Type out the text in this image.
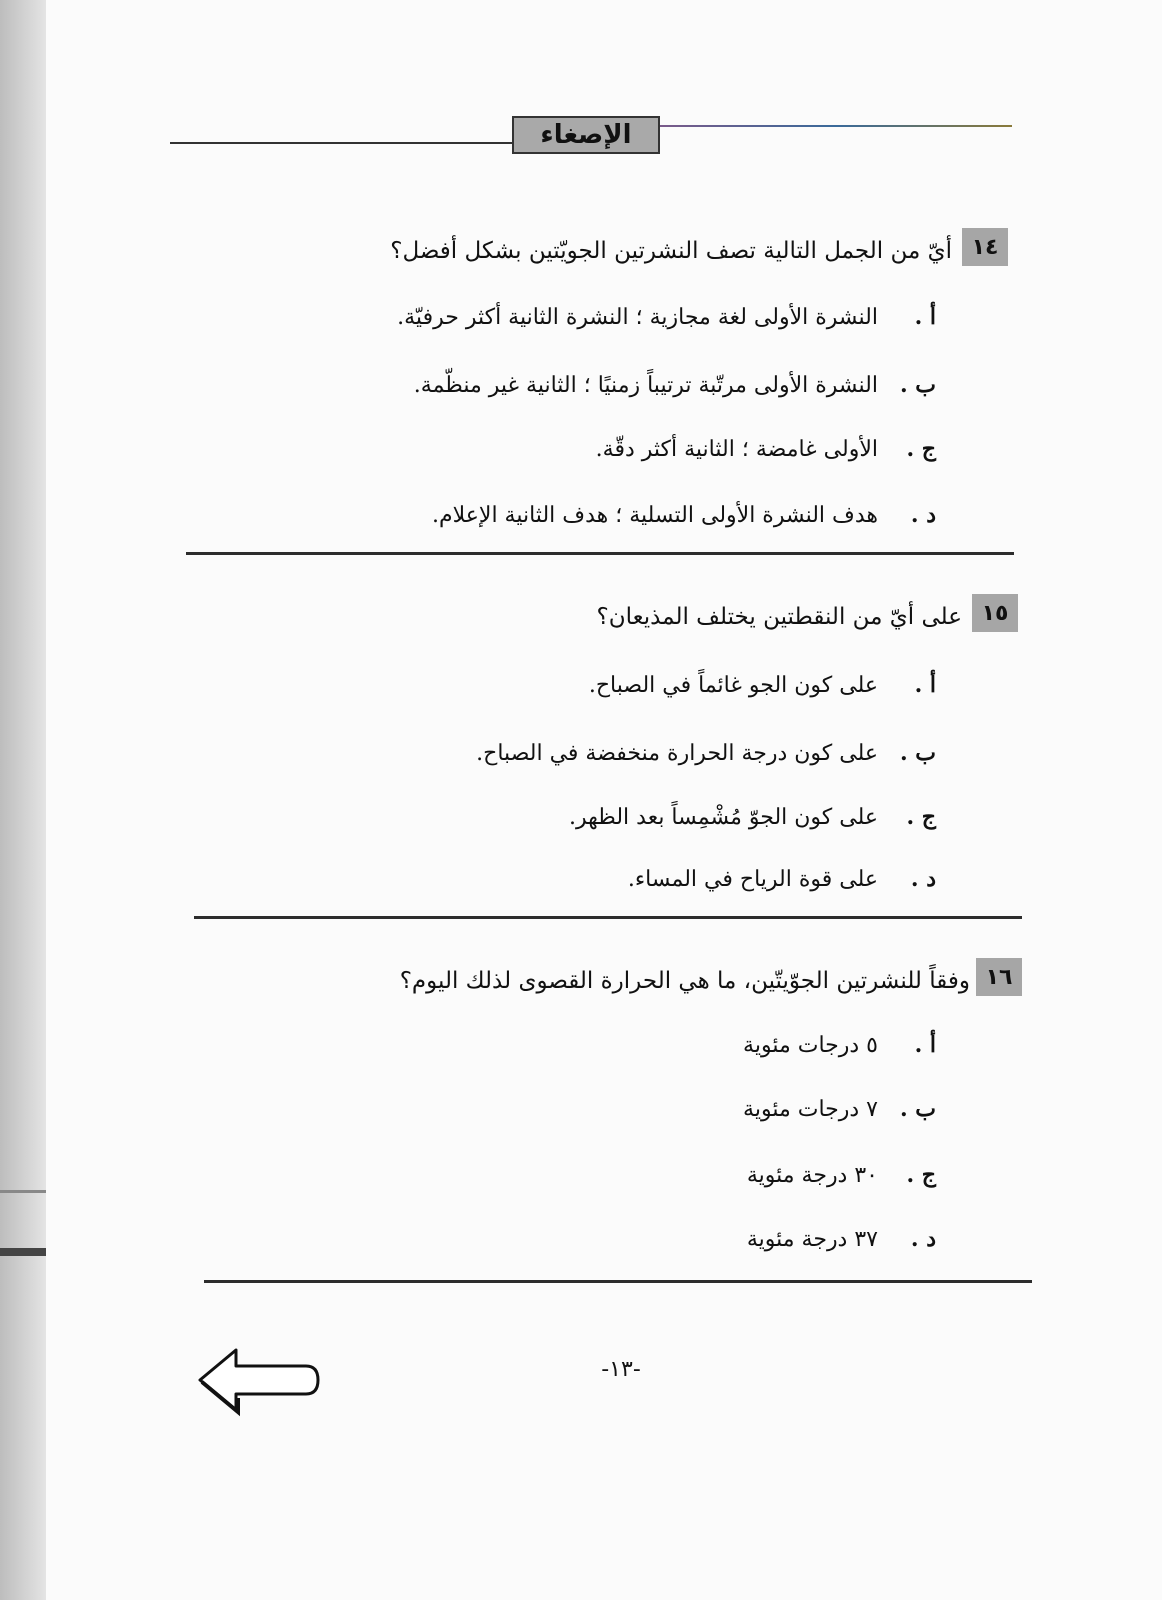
الإصغاء
١٤
أيّ من الجمل التالية تصف النشرتين الجويّتين بشكل أفضل؟
أ .
النشرة الأولى لغة مجازية ؛ النشرة الثانية أكثر حرفيّة.
ب .
النشرة الأولى مرتّبة ترتيباً زمنيًا ؛ الثانية غير منظّمة.
ج .
الأولى غامضة ؛ الثانية أكثر دقّة.
د .
هدف النشرة الأولى التسلية ؛ هدف الثانية الإعلام.
١٥
على أيّ من النقطتين يختلف المذيعان؟
أ .
على كون الجو غائماً في الصباح.
ب .
على كون درجة الحرارة منخفضة في الصباح.
ج .
على كون الجوّ مُشْمِساً بعد الظهر.
د .
على قوة الرياح في المساء.
١٦
وفقاً للنشرتين الجوّيتّين، ما هي الحرارة القصوى لذلك اليوم؟
أ .
٥ درجات مئوية
ب .
٧ درجات مئوية
ج .
٣٠ درجة مئوية
د .
٣٧ درجة مئوية
-١٣-
